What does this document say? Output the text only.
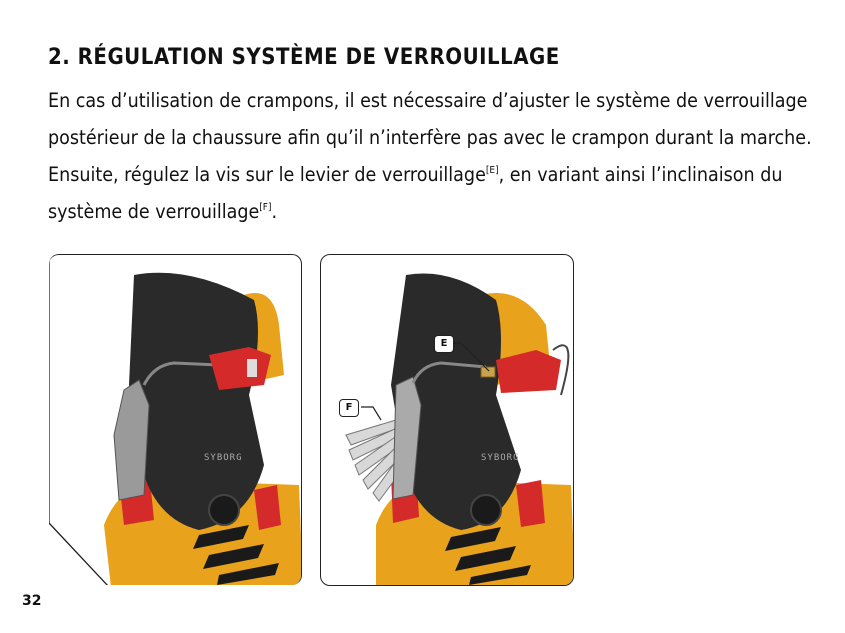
2. RÉGULATION SYSTÈME DE VERROUILLAGE

En cas d’utilisation de crampons, il est nécessaire d’ajuster le système de verrouillage postérieur de la chaussure afin qu’il n’interfère pas avec le crampon durant la marche. Ensuite, régulez la vis sur le levier de verrouillage[E], en variant ainsi l’inclinaison du système de verrouillage[F].

SYBORG	SYBORG
E
F
32
